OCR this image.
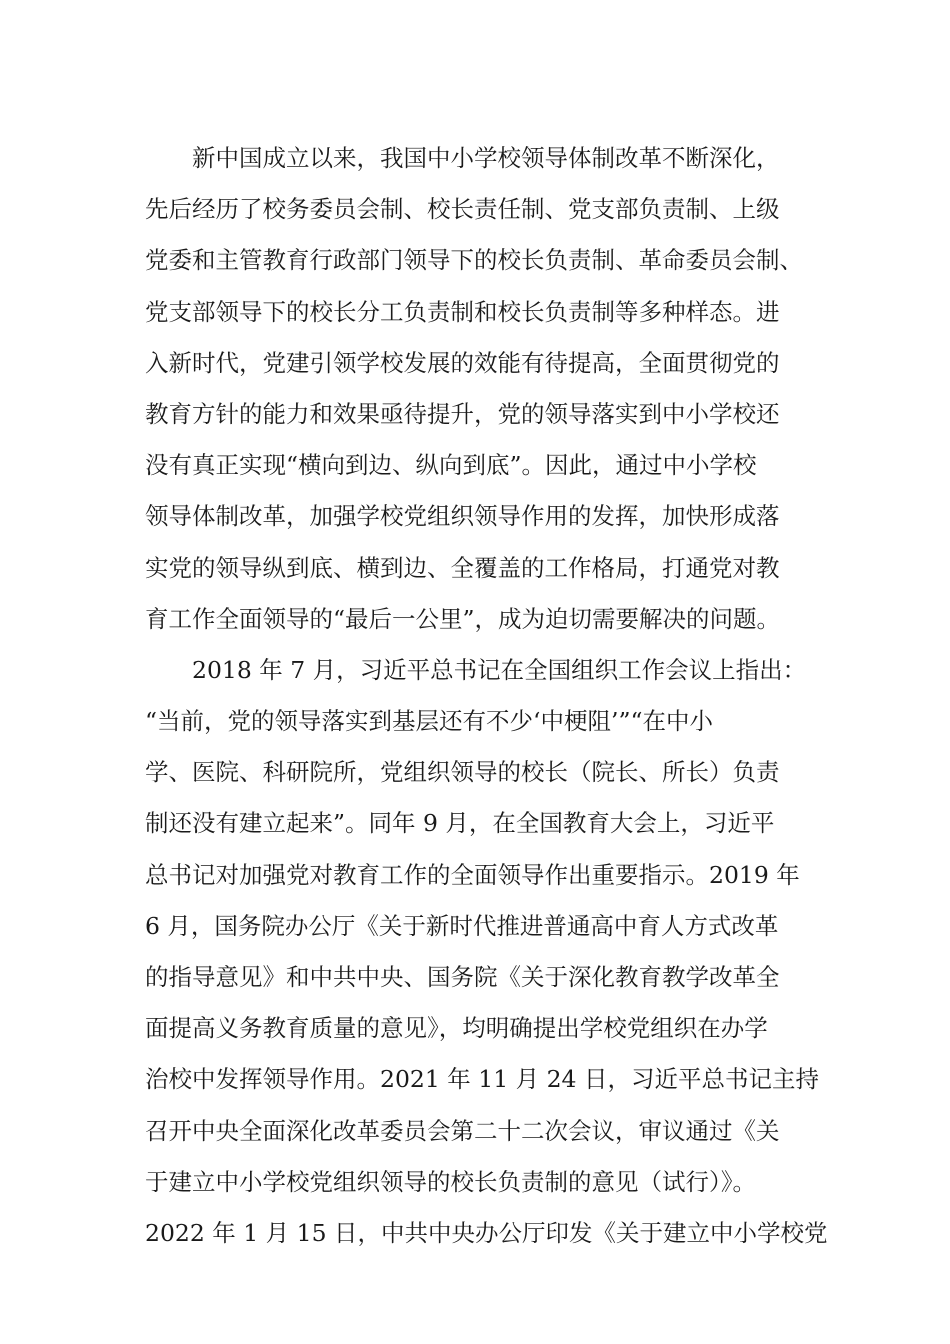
新中国成立以来，我国中小学校领导体制改革不断深化，
先后经历了校务委员会制、校长责任制、党支部负责制、上级
党委和主管教育行政部门领导下的校长负责制、革命委员会制、
党支部领导下的校长分工负责制和校长负责制等多种样态。进
入新时代，党建引领学校发展的效能有待提高，全面贯彻党的
教育方针的能力和效果亟待提升，党的领导落实到中小学校还
没有真正实现“横向到边、纵向到底”。因此，通过中小学校
领导体制改革，加强学校党组织领导作用的发挥，加快形成落
实党的领导纵到底、横到边、全覆盖的工作格局，打通党对教
育工作全面领导的“最后一公里”，成为迫切需要解决的问题。
2018 年 7 月，习近平总书记在全国组织工作会议上指出：
“当前，党的领导落实到基层还有不少‘中梗阻’”“在中小
学、医院、科研院所，党组织领导的校长（院长、所长）负责
制还没有建立起来”。同年 9 月，在全国教育大会上，习近平
总书记对加强党对教育工作的全面领导作出重要指示。2019 年
6 月，国务院办公厅《关于新时代推进普通高中育人方式改革
的指导意见》和中共中央、国务院《关于深化教育教学改革全
面提高义务教育质量的意见》，均明确提出学校党组织在办学
治校中发挥领导作用。2021 年 11 月 24 日，习近平总书记主持
召开中央全面深化改革委员会第二十二次会议，审议通过《关
于建立中小学校党组织领导的校长负责制的意见（试行）》。
2022 年 1 月 15 日，中共中央办公厅印发《关于建立中小学校党
